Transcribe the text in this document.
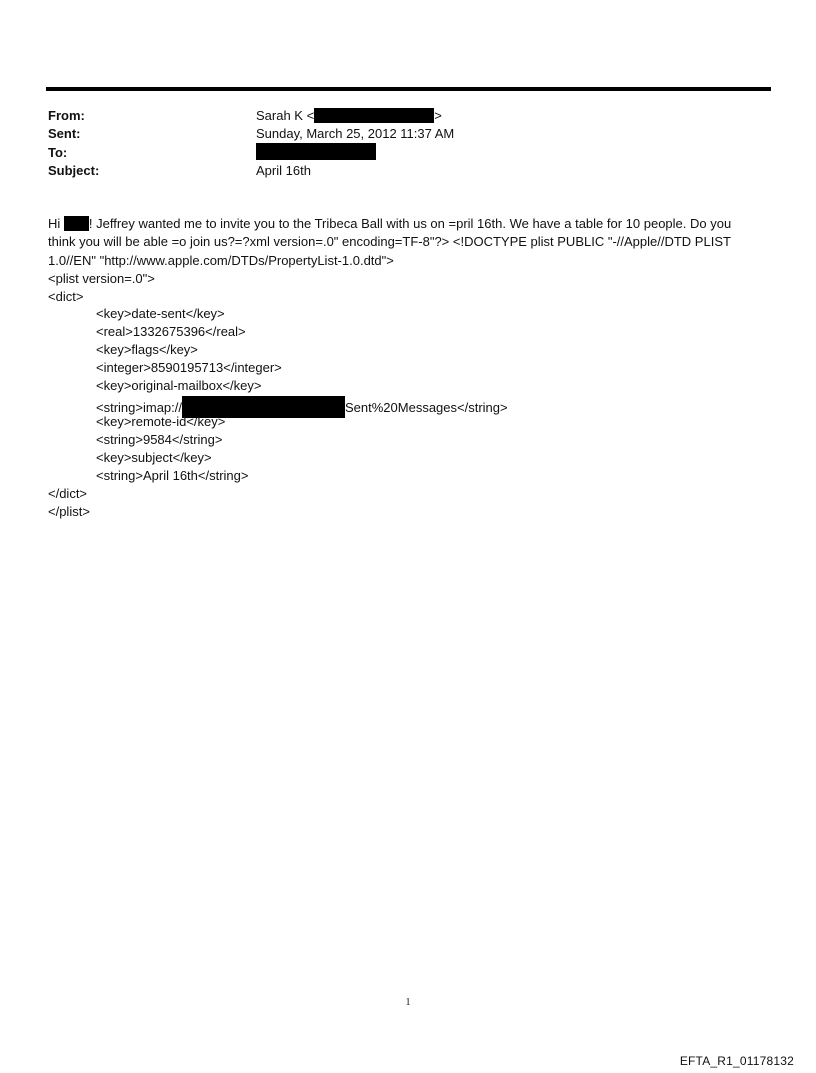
From:	Sarah K <	>
Sent:	Sunday, March 25, 2012 11:37 AM
To:
Subject:	April 16th
Hi ! Jeffrey wanted me to invite you to the Tribeca Ball with us on =pril 16th. We have a table for 10 people. Do you
think you will be able =o join us?=?xml version=.0" encoding=TF-8"?> <!DOCTYPE plist PUBLIC "-//Apple//DTD PLIST
1.0//EN" "http://www.apple.com/DTDs/PropertyList-1.0.dtd">
<plist version=.0">
<dict>
<key>date-sent</key>
<real>1332675396</real>
<key>flags</key>
<integer>8590195713</integer>
<key>original-mailbox</key>
<string>imap://	Sent%20Messages</string>
<key>remote-id</key>
<string>9584</string>
<key>subject</key>
<string>April 16th</string>
</dict>
</plist>
1
EFTA_R1_01178132
